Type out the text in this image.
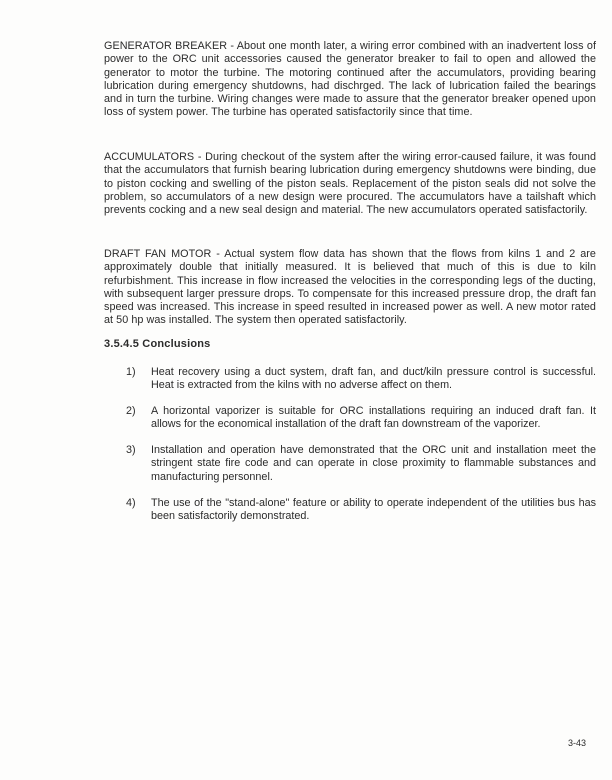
GENERATOR BREAKER - About one month later, a wiring error combined with an inadvertent loss of power to the ORC unit accessories caused the generator breaker to fail to open and allowed the generator to motor the turbine. The motoring continued after the accumulators, providing bearing lubrication during emergency shutdowns, had dischrged. The lack of lubrication failed the bearings and in turn the turbine. Wiring changes were made to assure that the generator breaker opened upon loss of system power. The turbine has operated satisfactorily since that time.

ACCUMULATORS - During checkout of the system after the wiring error-caused failure, it was found that the accumulators that furnish bearing lubrication during emergency shutdowns were binding, due to piston cocking and swelling of the piston seals. Replacement of the piston seals did not solve the problem, so accumulators of a new design were procured. The accumulators have a tailshaft which prevents cocking and a new seal design and material. The new accumulators operated satisfactorily.

DRAFT FAN MOTOR - Actual system flow data has shown that the flows from kilns 1 and 2 are approximately double that initially measured. It is believed that much of this is due to kiln refurbishment. This increase in flow increased the velocities in the corresponding legs of the ducting, with subsequent larger pressure drops. To compensate for this increased pressure drop, the draft fan speed was increased. This increase in speed resulted in increased power as well. A new motor rated at 50 hp was installed. The system then operated satisfactorily.

3.5.4.5 Conclusions
1) Heat recovery using a duct system, draft fan, and duct/kiln pressure control is successful. Heat is extracted from the kilns with no adverse affect on them.

2) A horizontal vaporizer is suitable for ORC installations requiring an induced draft fan. It allows for the economical installation of the draft fan downstream of the vaporizer.

3) Installation and operation have demonstrated that the ORC unit and installation meet the stringent state fire code and can operate in close proximity to flammable substances and manufacturing personnel.

4) The use of the "stand-alone" feature or ability to operate independent of the utilities bus has been satisfactorily demonstrated.

3-43
